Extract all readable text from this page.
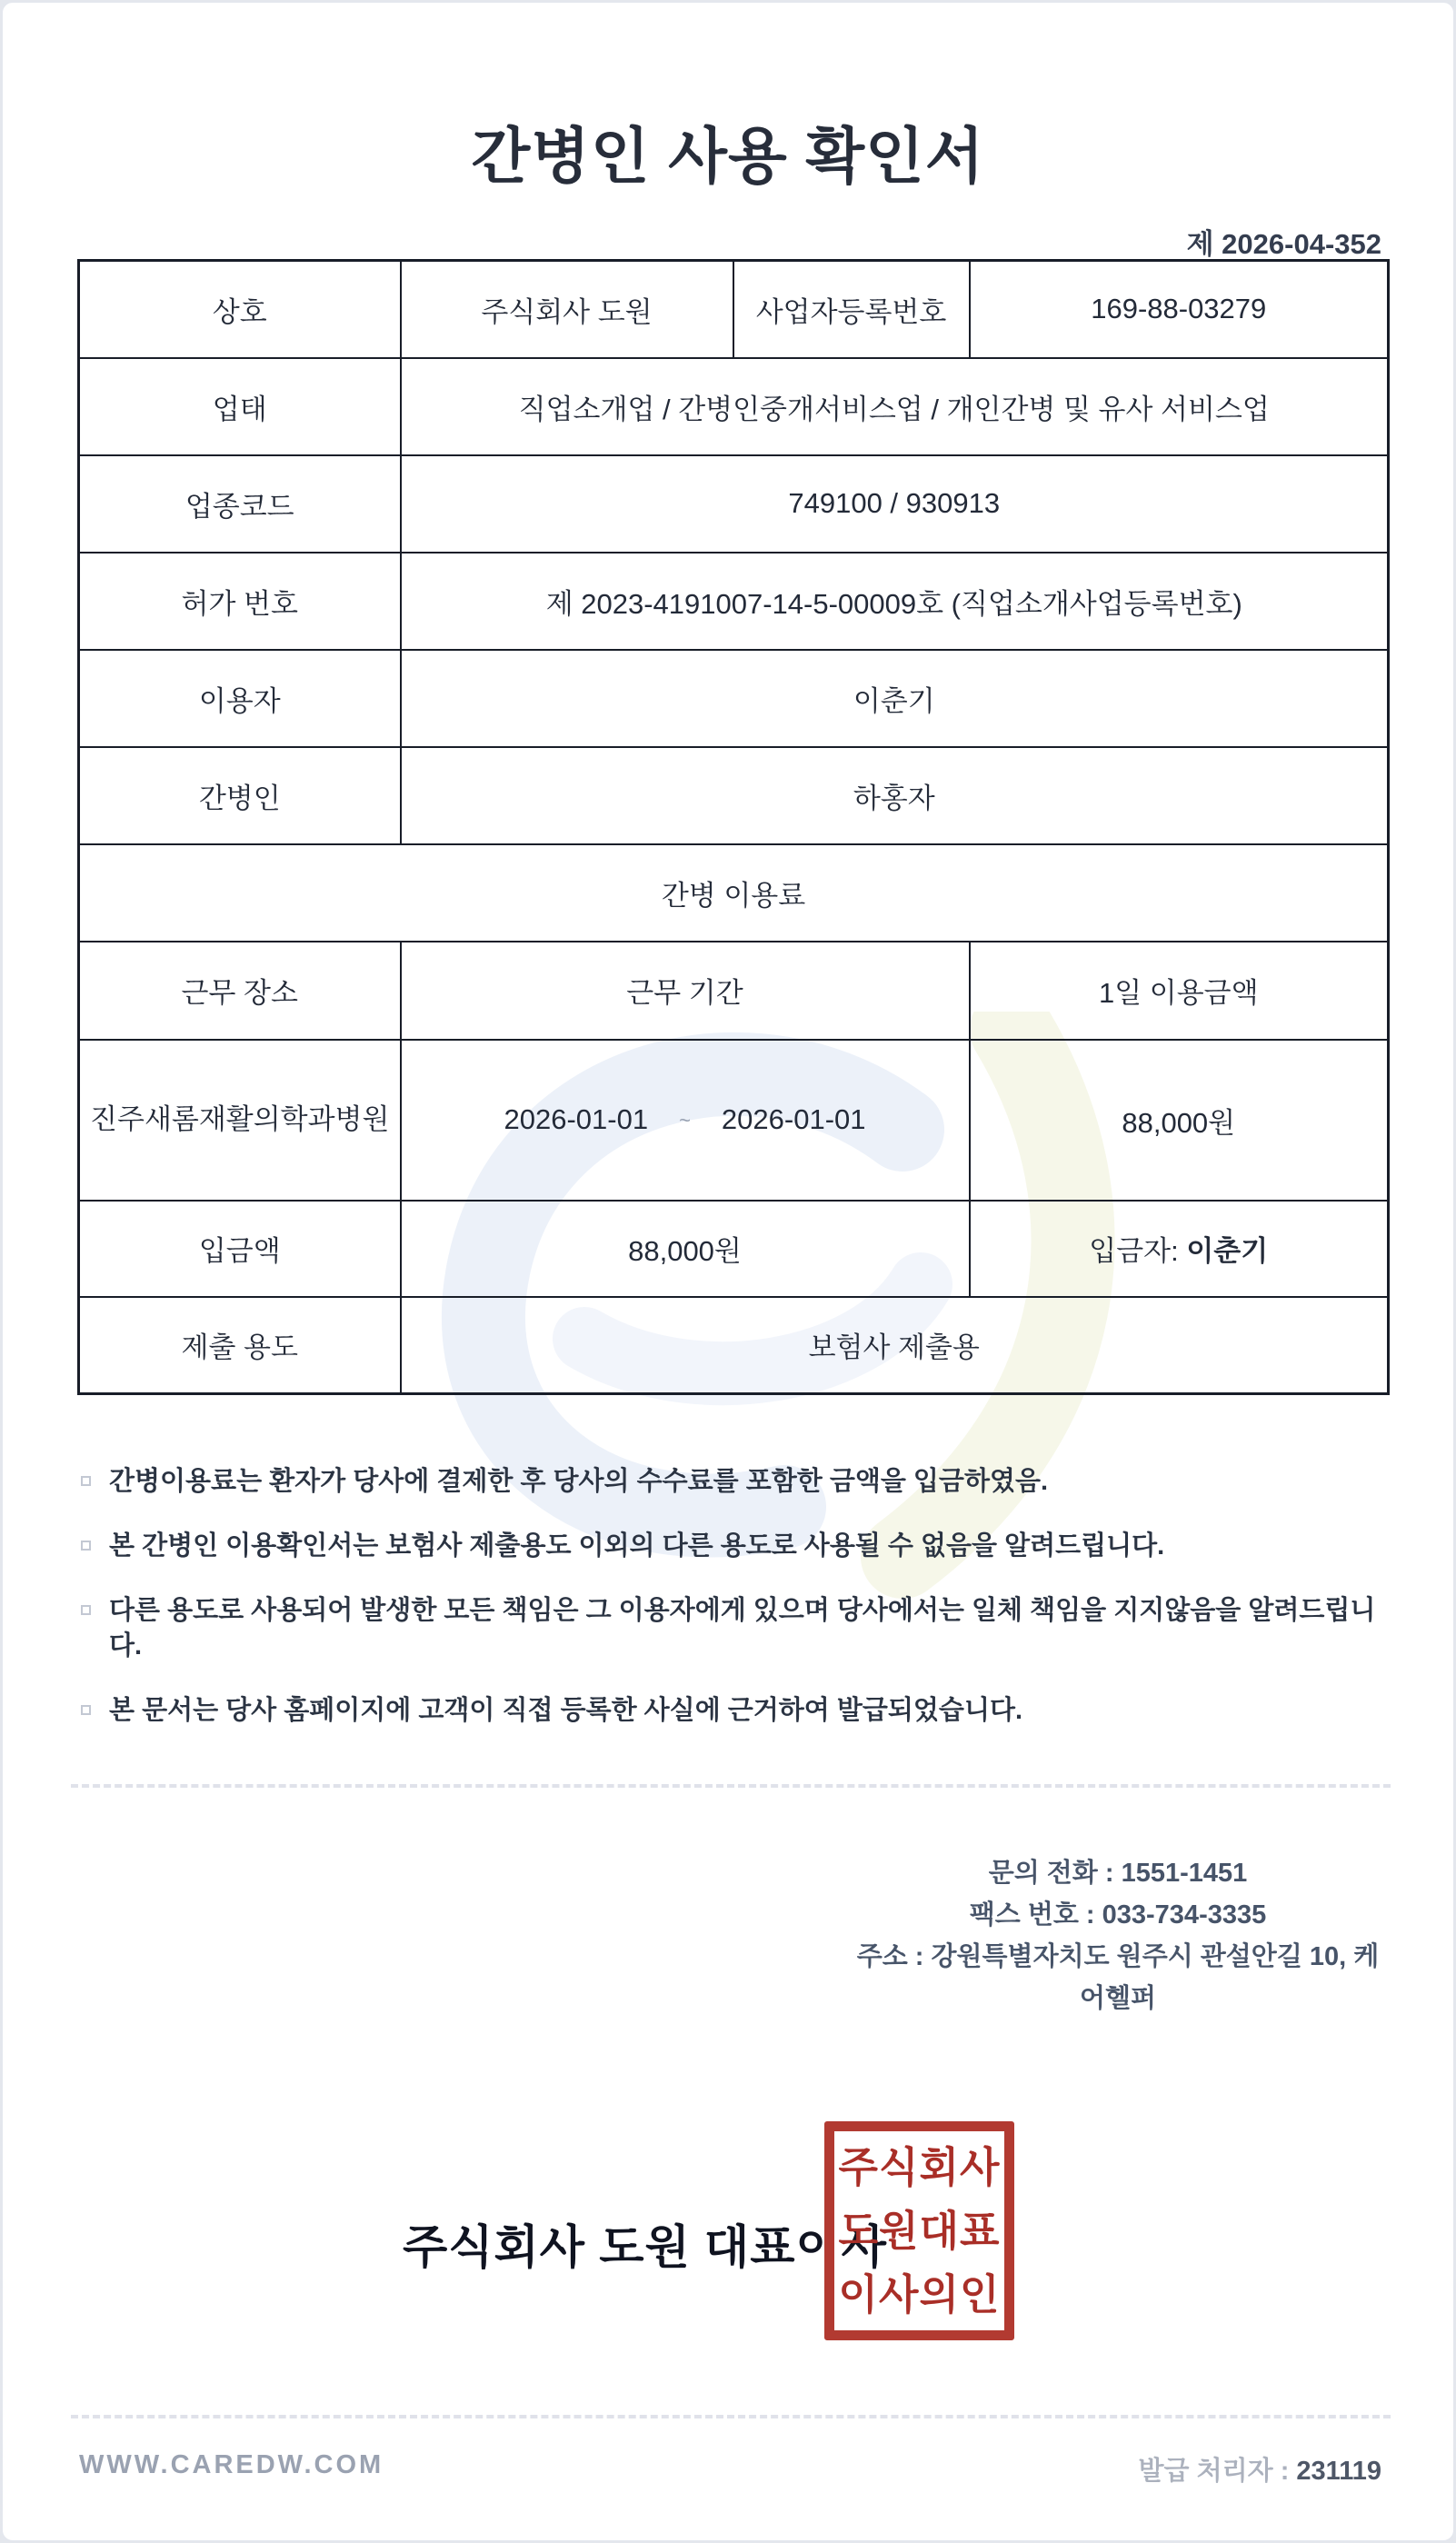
간병인 사용 확인서
제 2026-04-352
상호	주식회사 도원	사업자등록번호	169-88-03279
업태	직업소개업 / 간병인중개서비스업 / 개인간병 및 유사 서비스업		
업종코드	749100 / 930913		
허가 번호	제 2023-4191007-14-5-00009호 (직업소개사업등록번호)		
이용자	이춘기		
간병인	하홍자		
간병 이용료			
근무 장소	근무 기간		1일 이용금액
진주새롬재활의학과병원	2026-01-01 ~ 2026-01-01		88,000원
입금액	88,000원		입금자: 이춘기
제출 용도	보험사 제출용		
간병이용료는 환자가 당사에 결제한 후 당사의 수수료를 포함한 금액을 입금하였음.
본 간병인 이용확인서는 보험사 제출용도 이외의 다른 용도로 사용될 수 없음을 알려드립니다.
다른 용도로 사용되어 발생한 모든 책임은 그 이용자에게 있으며 당사에서는 일체 책임을 지지않음을 알려드립니다.
본 문서는 당사 홈페이지에 고객이 직접 등록한 사실에 근거하여 발급되었습니다.
문의 전화 : 1551-1451
팩스 번호 : 033-734-3335
주소 : 강원특별자치도 원주시 관설안길 10, 케어헬퍼
주식회사 도원 대표이사
주식회사
도원대표
이사의인
WWW.CAREDW.COM	발급 처리자 : 231119
